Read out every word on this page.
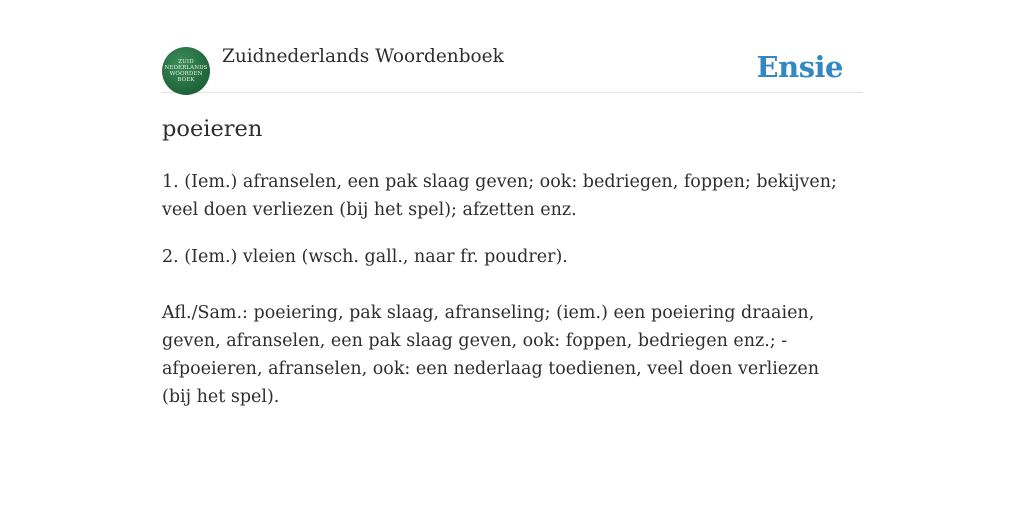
ZUID
NEDERLANDS
WOORDEN
BOEK
Zuidnederlands Woordenboek	Ensie
poeieren

1. (Iem.) afranselen, een pak slaag geven; ook: bedriegen, foppen; bekijven; veel doen verliezen (bij het spel); afzetten enz.

2. (Iem.) vleien (wsch. gall., naar fr. poudrer).

Afl./Sam.: poeiering, pak slaag, afranseling; (iem.) een poeiering draaien, geven, afranselen, een pak slaag geven, ook: foppen, bedriegen enz.; - afpoeieren, afranselen, ook: een nederlaag toedienen, veel doen verliezen (bij het spel).
